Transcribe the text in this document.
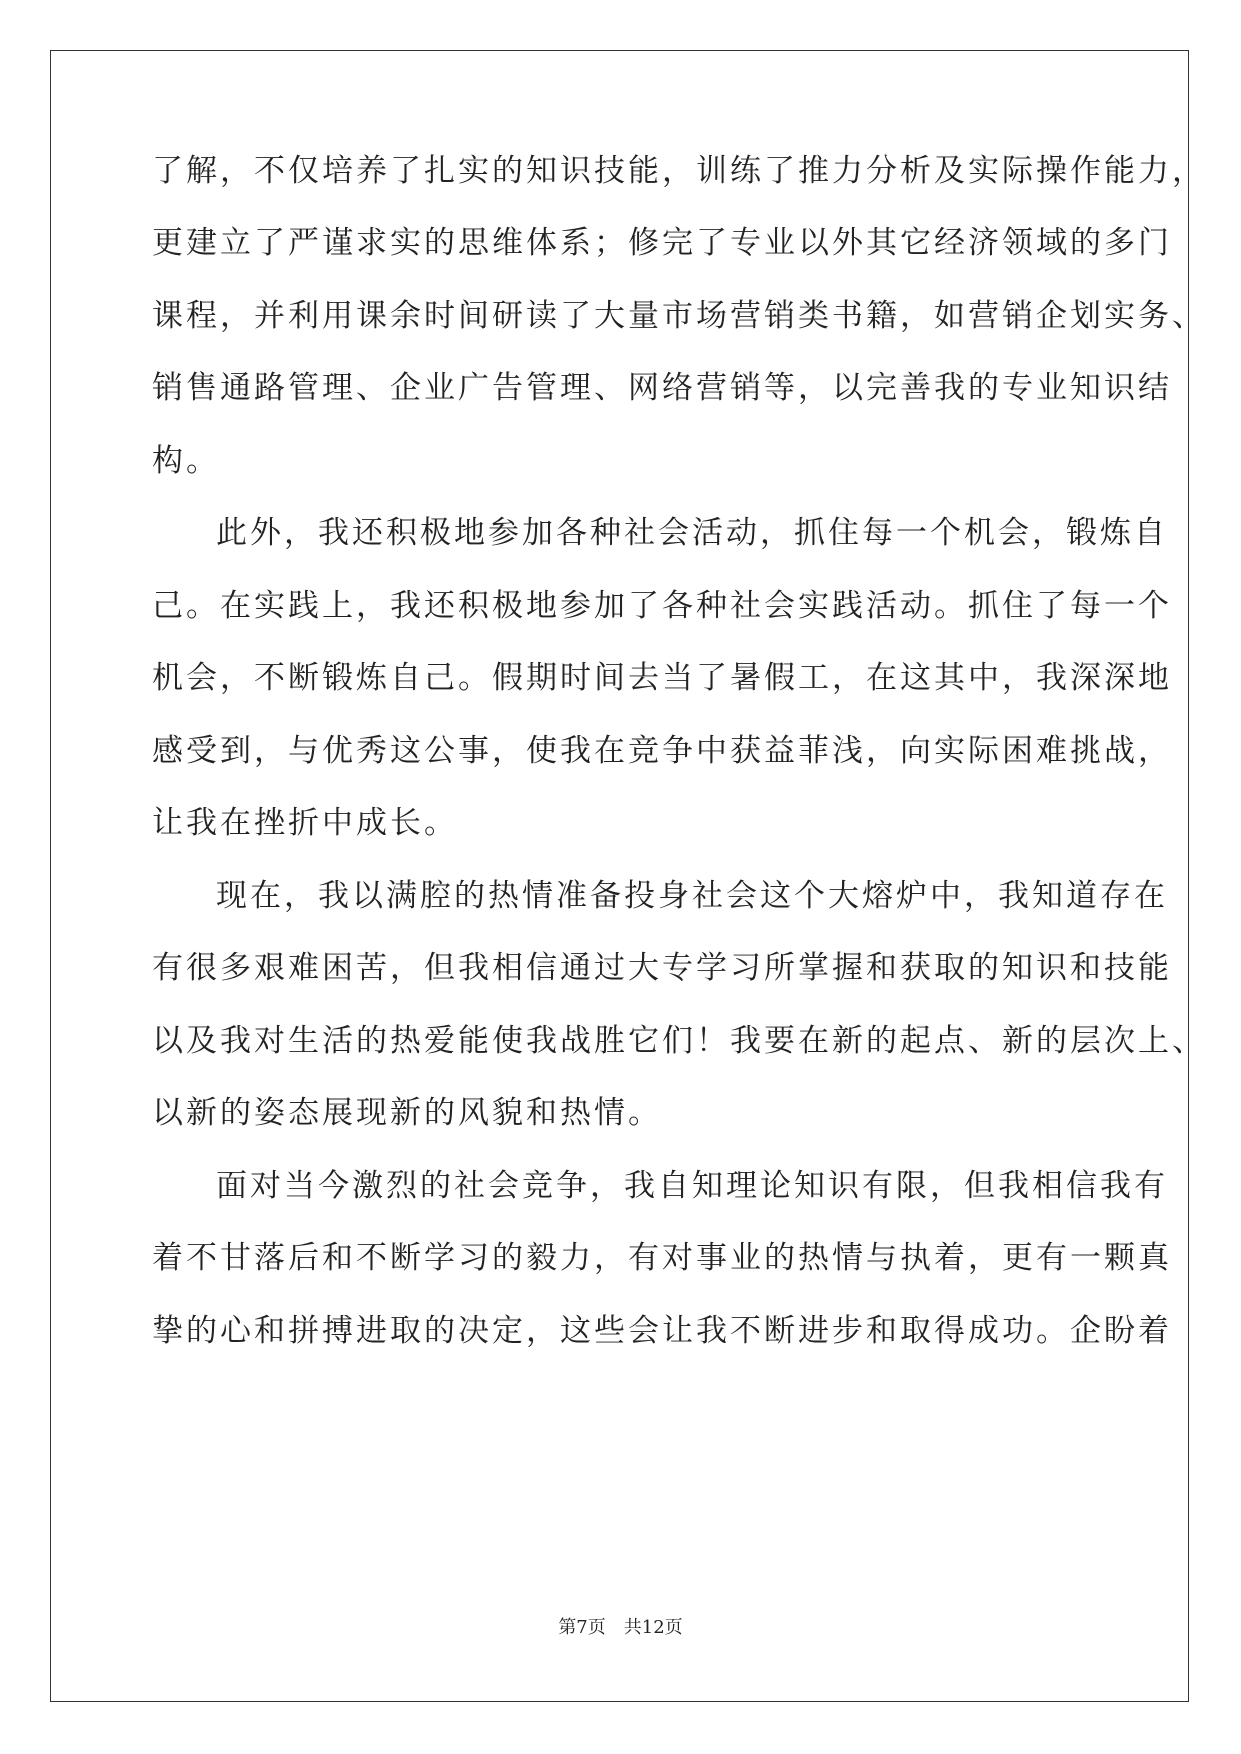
了解，不仅培养了扎实的知识技能，训练了推力分析及实际操作能力，
更建立了严谨求实的思维体系；修完了专业以外其它经济领域的多门
课程，并利用课余时间研读了大量市场营销类书籍，如营销企划实务、
销售通路管理、企业广告管理、网络营销等，以完善我的专业知识结
构。
此外，我还积极地参加各种社会活动，抓住每一个机会，锻炼自
己。在实践上，我还积极地参加了各种社会实践活动。抓住了每一个
机会，不断锻炼自己。假期时间去当了暑假工，在这其中，我深深地
感受到，与优秀这公事，使我在竞争中获益菲浅，向实际困难挑战，
让我在挫折中成长。
现在，我以满腔的热情准备投身社会这个大熔炉中，我知道存在
有很多艰难困苦，但我相信通过大专学习所掌握和获取的知识和技能
以及我对生活的热爱能使我战胜它们！我要在新的起点、新的层次上、
以新的姿态展现新的风貌和热情。
面对当今激烈的社会竞争，我自知理论知识有限，但我相信我有
着不甘落后和不断学习的毅力，有对事业的热情与执着，更有一颗真
挚的心和拼搏进取的决定，这些会让我不断进步和取得成功。企盼着
第7页 共12页
